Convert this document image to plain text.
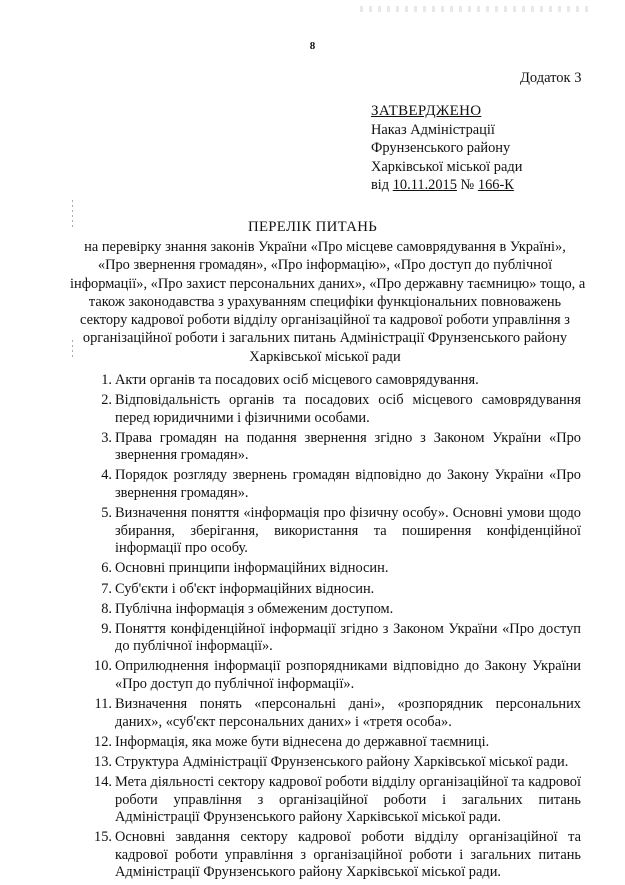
8
Додаток 3
ЗАТВЕРДЖЕНО
Наказ Адміністрації
Фрунзенського району
Харківської міської ради
від 10.11.2015 № 166-К
ПЕРЕЛІК ПИТАНЬ
на перевірку знання законів України «Про місцеве самоврядування в Україні»,
«Про звернення громадян», «Про інформацію», «Про доступ до публічної
інформації», «Про захист персональних даних», «Про державну таємницю» тощо, а
також законодавства з урахуванням специфіки функціональних повноважень
сектору кадрової роботи відділу організаційної та кадрової роботи управління з
організаційної роботи і загальних питань Адміністрації Фрунзенського району
Харківської міської ради
1. Акти органів та посадових осіб місцевого самоврядування.
2. Відповідальність органів та посадових осіб місцевого самоврядування перед юридичними і фізичними особами.
3. Права громадян на подання звернення згідно з Законом України «Про звернення громадян».
4. Порядок розгляду звернень громадян відповідно до Закону України «Про звернення громадян».
5. Визначення поняття «інформація про фізичну особу». Основні умови щодо збирання, зберігання, використання та поширення конфіденційної інформації про особу.
6. Основні принципи інформаційних відносин.
7. Суб'єкти і об'єкт інформаційних відносин.
8. Публічна інформація з обмеженим доступом.
9. Поняття конфіденційної інформації згідно з Законом України «Про доступ до публічної інформації».
10. Оприлюднення інформації розпорядниками відповідно до Закону України «Про доступ до публічної інформації».
11. Визначення понять «персональні дані», «розпорядник персональних даних», «суб'єкт персональних даних» і «третя особа».
12. Інформація, яка може бути віднесена до державної таємниці.
13. Структура Адміністрації Фрунзенського району Харківської міської ради.
14. Мета діяльності сектору кадрової роботи відділу організаційної та кадрової роботи управління з організаційної роботи і загальних питань Адміністрації Фрунзенського району Харківської міської ради.
15. Основні завдання сектору кадрової роботи відділу організаційної та кадрової роботи управління з організаційної роботи і загальних питань Адміністрації Фрунзенського району Харківської міської ради.
